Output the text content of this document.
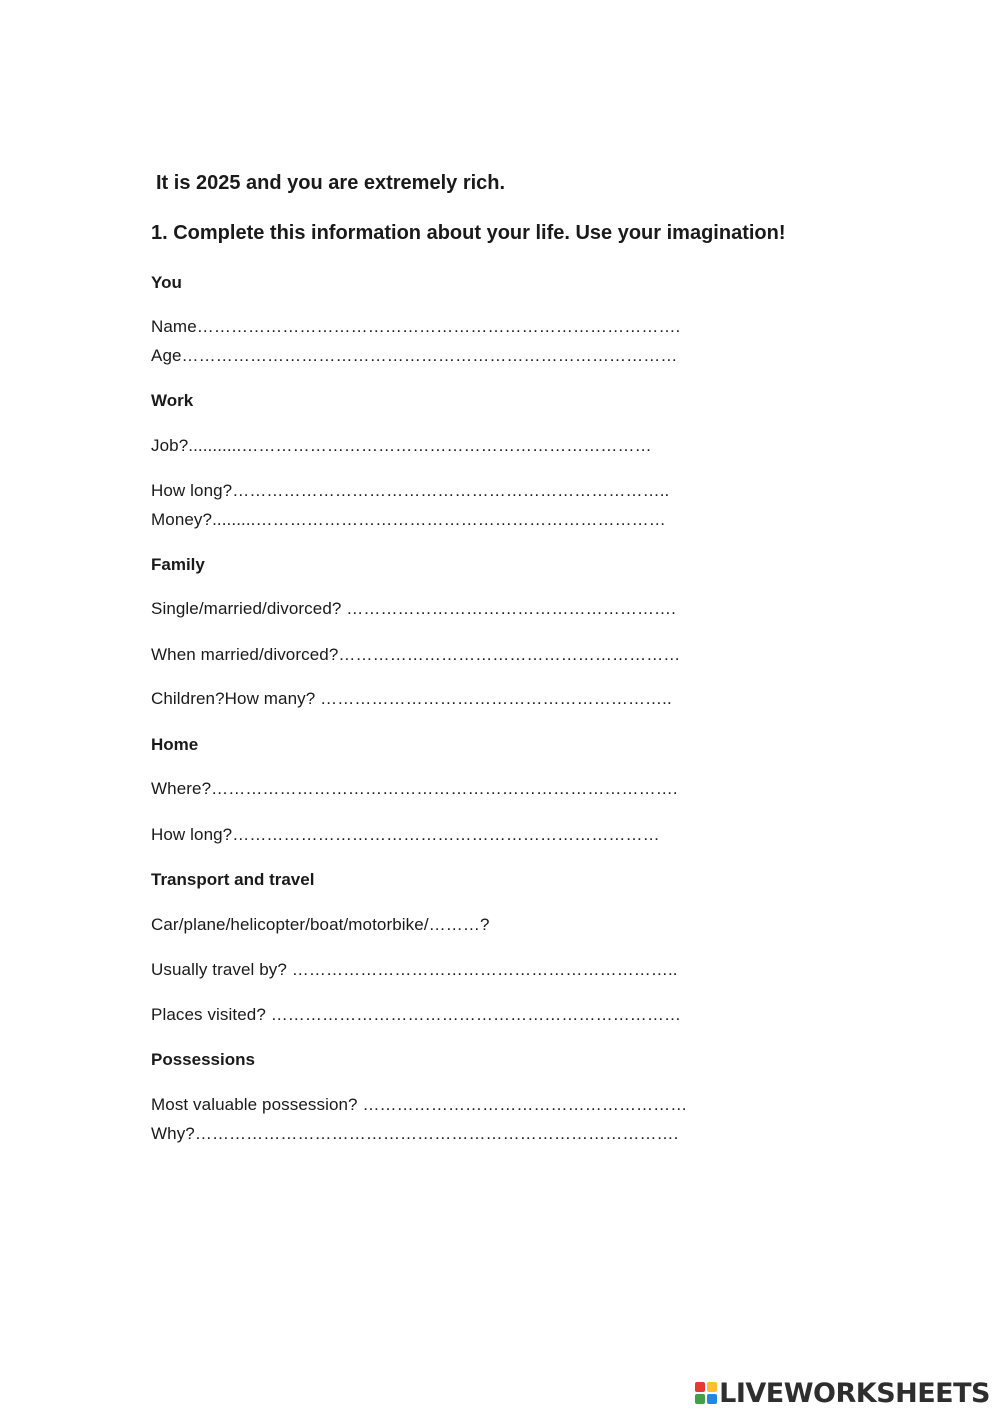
It is 2025 and you are extremely rich.
1. Complete this information about your life. Use your imagination!
You
Name………………………………………………………………………….
Age……………………………………………………………………………
Work
Job?...........………………………………………………………………
How long?…………………………………………………………………..
Money?.........………………………………………………………………
Family
Single/married/divorced? ………………………………………………….
When married/divorced?……………………………………………………
Children?How many? ……………………………………………………..
Home
Where?……………………………………………………………………….
How long?…………………………………………………………………
Transport and travel
Car/plane/helicopter/boat/motorbike/………?
Usually travel by? …………………………………………………………..
Places visited? ………………………………………………………………
Possessions
Most valuable possession? …………………………………………………
Why?………………………………………………………………………….
LIVEWORKSHEETS
